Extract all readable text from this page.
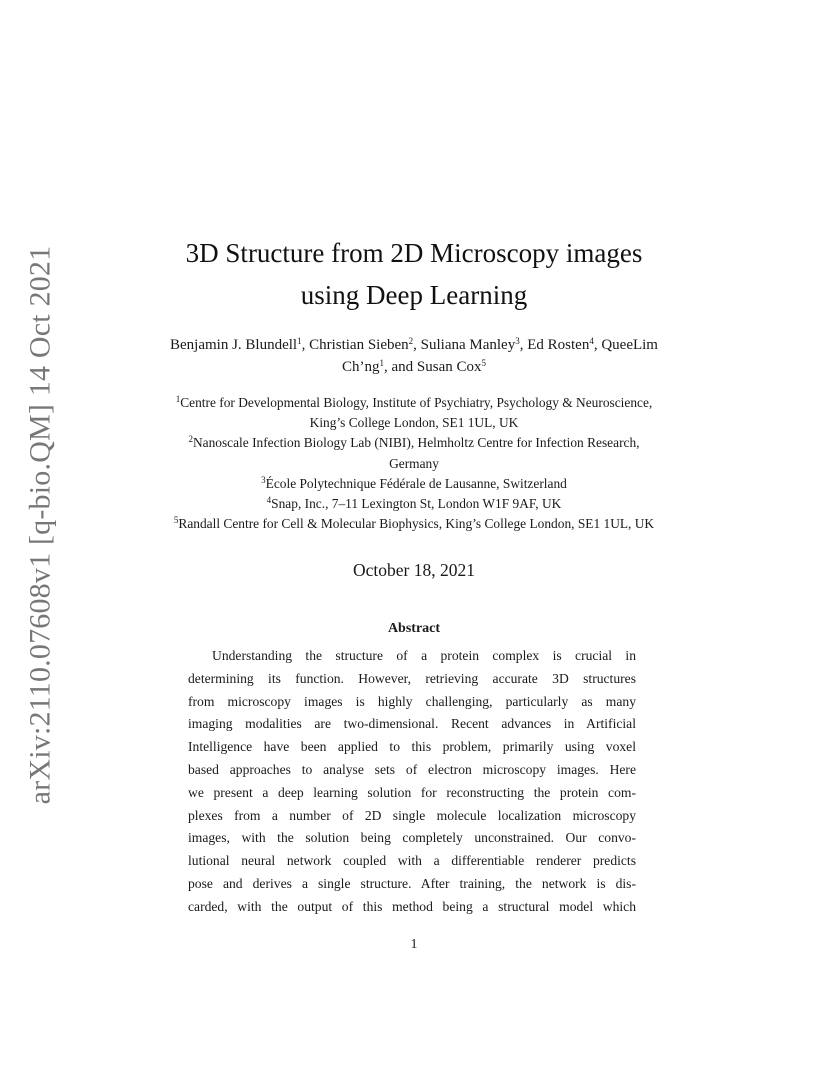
arXiv:2110.07608v1 [q-bio.QM] 14 Oct 2021	3D Structure from 2D Microscopy images
using Deep Learning
Benjamin J. Blundell$^1$, Christian Sieben$^2$, Suliana Manley$^3$, Ed Rosten$^4$, QueeLim
$Ch’ng^1$, and Susan Cox$^5$
$^1$Centre for Developmental Biology, Institute of Psychiatry, Psychology & Neuroscience,
King’s College London, SE1 1UL, UK
$^2$Nanoscale Infection Biology Lab (NIBI), Helmholtz Centre for Infection Research,
Germany
$^3$École Polytechnique Fédérale de Lausanne, Switzerland
$^4$Snap, Inc., 7–11 Lexington St, London W1F 9AF, UK
$^5$Randall Centre for Cell & Molecular Biophysics, King’s College London, SE1 1UL, UK
October 18, 2021
Abstract
Understanding the structure of a protein complex is crucial in
determining its function. However, retrieving accurate 3D structures
from microscopy images is highly challenging, particularly as many
imaging modalities are two-dimensional. Recent advances in Artificial
Intelligence have been applied to this problem, primarily using voxel
based approaches to analyse sets of electron microscopy images. Here
we present a deep learning solution for reconstructing the protein com-
plexes from a number of 2D single molecule localization microscopy
images, with the solution being completely unconstrained. Our convo-
lutional neural network coupled with a differentiable renderer predicts
pose and derives a single structure. After training, the network is dis-
carded, with the output of this method being a structural model which
1
